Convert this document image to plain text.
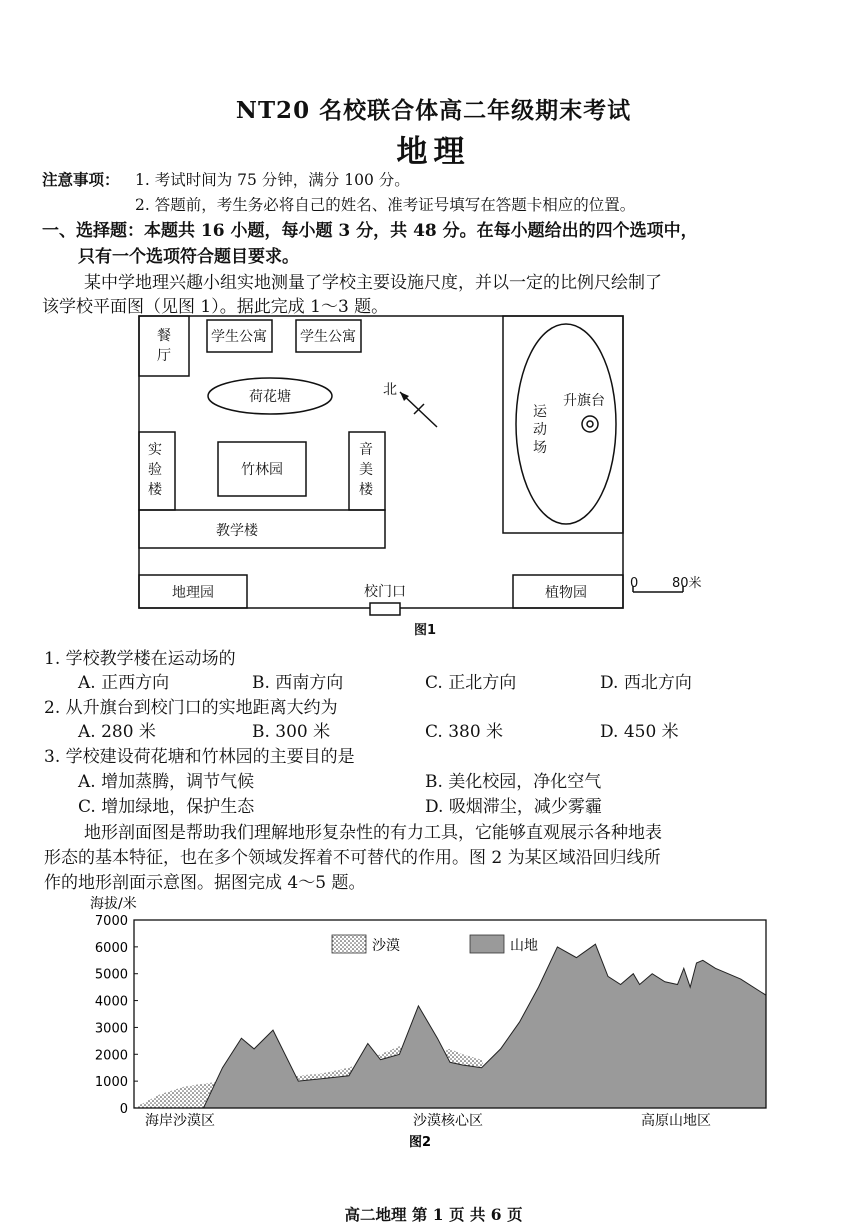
NT20 名校联合体高二年级期末考试
地理
注意事项： 1. 考试时间为 75 分钟，满分 100 分。
2. 答题前，考生务必将自己的姓名、准考证号填写在答题卡相应的位置。
一、选择题：本题共 16 小题，每小题 3 分，共 48 分。在每小题给出的四个选项中，
只有一个选项符合题目要求。
某中学地理兴趣小组实地测量了学校主要设施尺度，并以一定的比例尺绘制了
该学校平面图（见图 1）。据此完成 1～3 题。
餐
厅
学生公寓 学生公寓
荷花塘	北
运
动
场
升旗台
实
验
楼
竹林园
音
美
楼
教学楼
地理园	校门口	植物园
0	80米
图1
1. 学校教学楼在运动场的
A. 正西方向	B. 西南方向	C. 正北方向	D. 西北方向
2. 从升旗台到校门口的实地距离大约为
A. 280 米	B. 300 米	C. 380 米	D. 450 米
3. 学校建设荷花塘和竹林园的主要目的是
A. 增加蒸腾，调节气候	B. 美化校园，净化空气
C. 增加绿地，保护生态	D. 吸烟滞尘，减少雾霾
地形剖面图是帮助我们理解地形复杂性的有力工具，它能够直观展示各种地表
形态的基本特征，也在多个领域发挥着不可替代的作用。图 2 为某区域沿回归线所
作的地形剖面示意图。据图完成 4～5 题。
海拔/米
7000
6000
5000
4000
3000
2000
1000
0
沙漠	山地
海岸沙漠区	沙漠核心区	高原山地区
图2
高二地理 第 1 页 共 6 页
